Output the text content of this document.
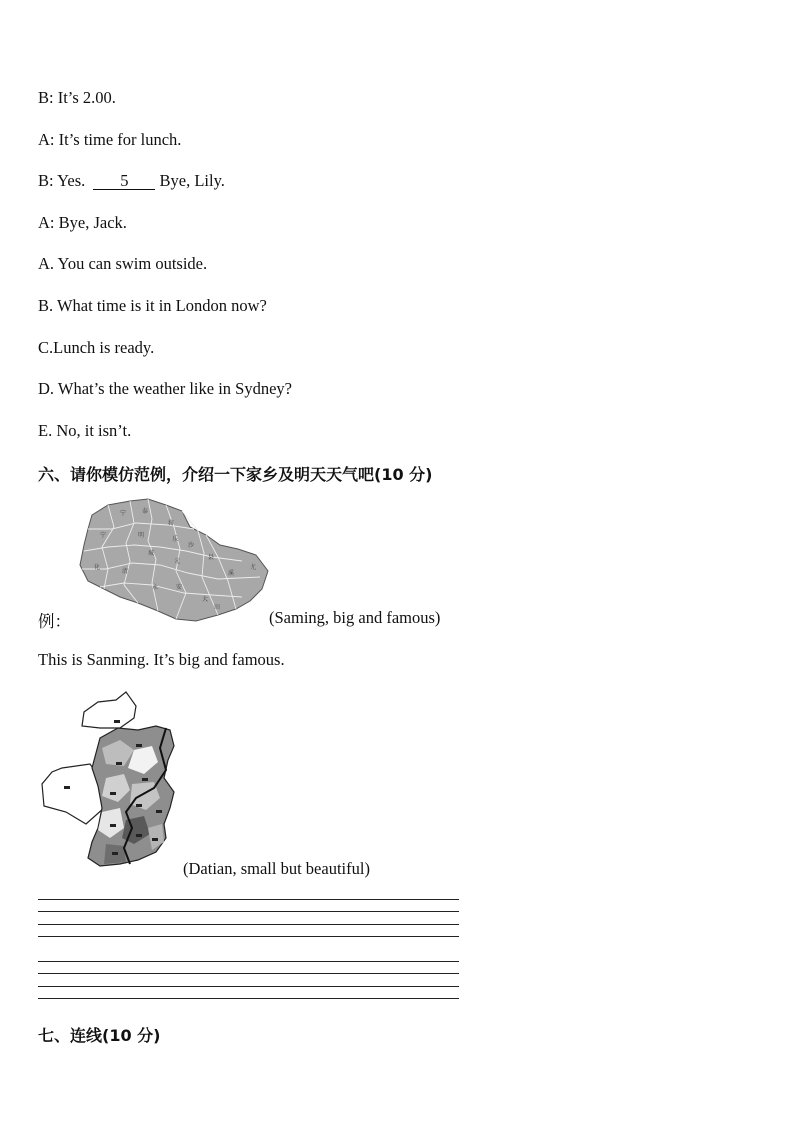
B: It’s 2.00.
A: It’s time for lunch.
B: Yes. 5 Bye, Lily.
A: Bye, Jack.
A. You can swim outside.
B. What time is it in London now?
C.Lunch is ready.
D. What’s the weather like in Sydney?
E. No, it isn’t.
六、请你模仿范例，介绍一下家乡及明天天气吧(10 分)
宁	泰
将
宁	明
乐
沙
县
城
化
清
元
溪
永	安
大
田
尤
例：	(Saming, big and famous)
This is Sanming. It’s big and famous.
(Datian, small but beautiful)
七、连线(10 分)
